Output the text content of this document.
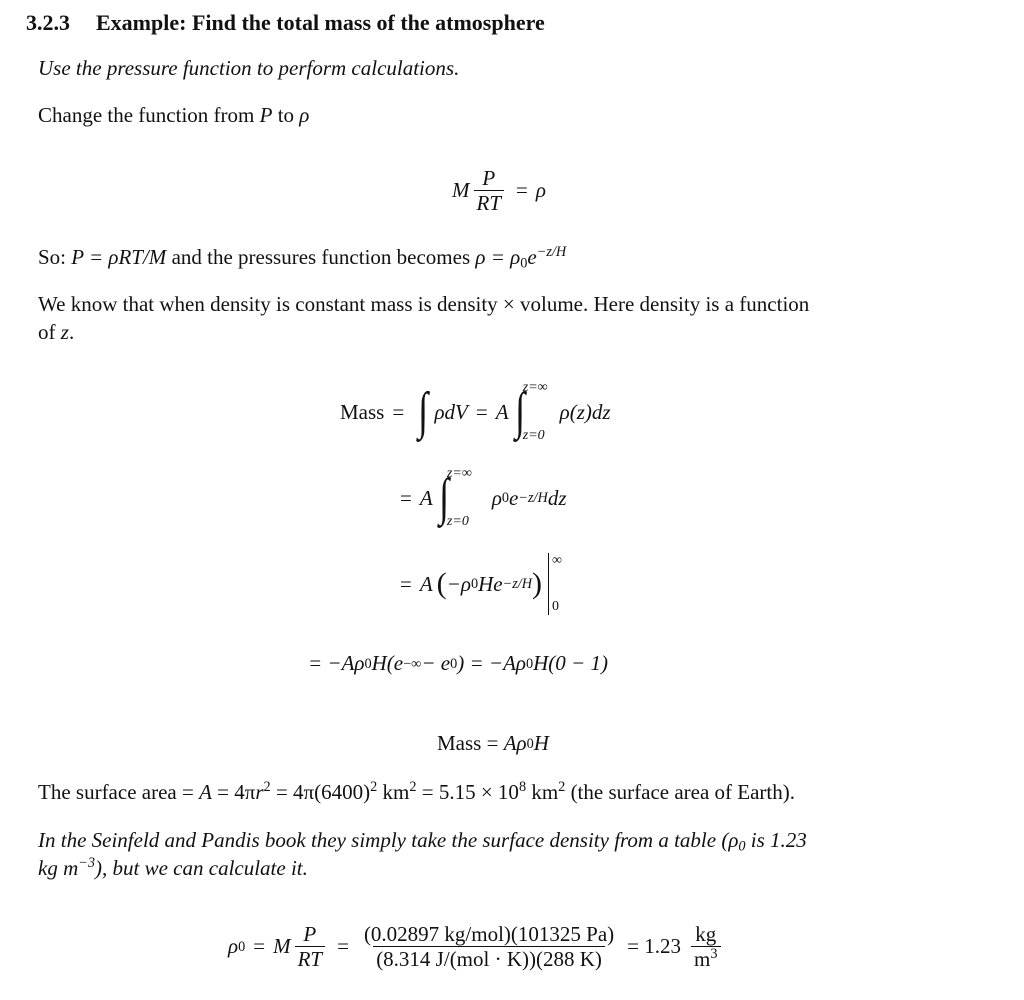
3.2.3 Example: Find the total mass of the atmosphere
Use the pressure function to perform calculations.
Change the function from P to ρ
M $\frac{P}{RT} = \rho$
So: P = ρRT/M and the pressures function becomes $\rho = \rho_0e^{-z/H}$
We know that when density is constant mass is density × volume. Here density is a function
of z.
Mass = ∫ ρdV = A ∫
z=∞
z=0
ρ(z)dz
= A ∫
z=∞
z=0
ρ 0 e −z/H dz
= A ( −ρ 0 He −z/H )
∞
0
= −Aρ 0 H(e −∞ − e 0 ) = −Aρ 0 H(0 − 1)
Mass = Aρ 0 H
The surface area = $A = 4\pi r^2 = 4\pi(6400)^2$ $km^2 = 5.15 \times 10^8$ $km^2$ (the surface area of Earth).
In the Seinfeld and Pandis book they simply take the surface density from a table ($\rho_0$ is 1.23
kg $m^{-3}$), but we can calculate it.
ρ 0 = M $\frac{P}{RT} = \frac{\text{(0.02897 kg/mol)(101325 Pa)}}{\text{(8.314 J/(mol · K))(288 K)}} = 1.23 \frac{kg}{m^3}$
